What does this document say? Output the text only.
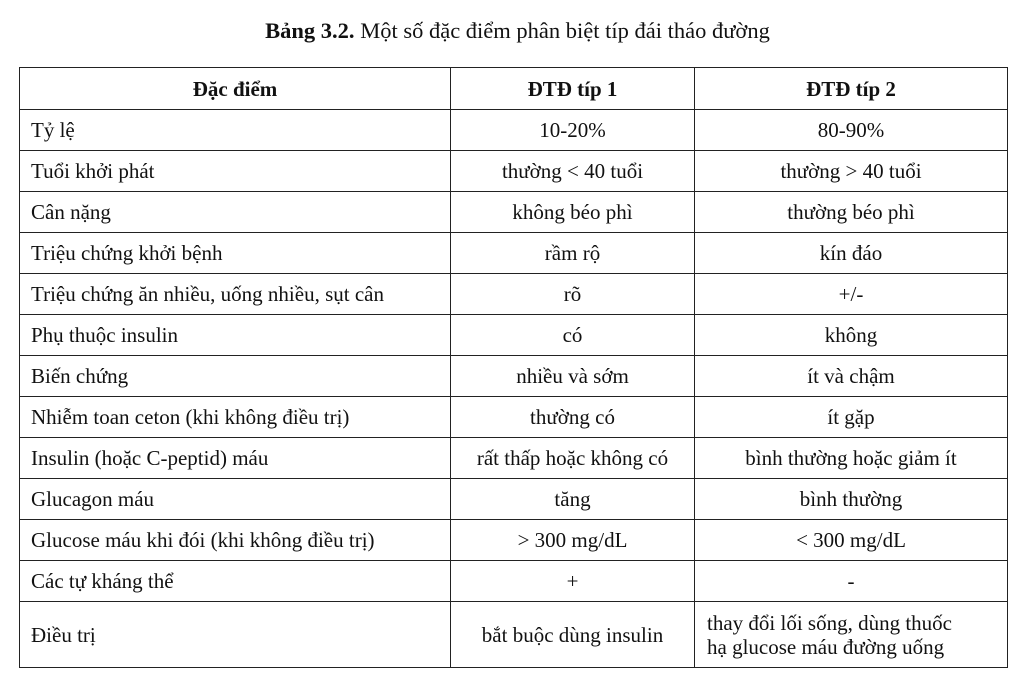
Bảng 3.2. Một số đặc điểm phân biệt típ đái tháo đường
Đặc điểm	ĐTĐ típ 1	ĐTĐ típ 2
Tỷ lệ	10-20%	80-90%
Tuổi khởi phát	thường < 40 tuổi	thường > 40 tuổi
Cân nặng	không béo phì	thường béo phì
Triệu chứng khởi bệnh	rầm rộ	kín đáo
Triệu chứng ăn nhiều, uống nhiều, sụt cân	rõ	+/-
Phụ thuộc insulin	có	không
Biến chứng	nhiều và sớm	ít và chậm
Nhiễm toan ceton (khi không điều trị)	thường có	ít gặp
Insulin (hoặc C-peptid) máu	rất thấp hoặc không có	bình thường hoặc giảm ít
Glucagon máu	tăng	bình thường
Glucose máu khi đói (khi không điều trị)	> 300 mg/dL	< 300 mg/dL
Các tự kháng thể	+	-
Điều trị	bắt buộc dùng insulin	thay đổi lối sống, dùng thuốc
hạ glucose máu đường uống
